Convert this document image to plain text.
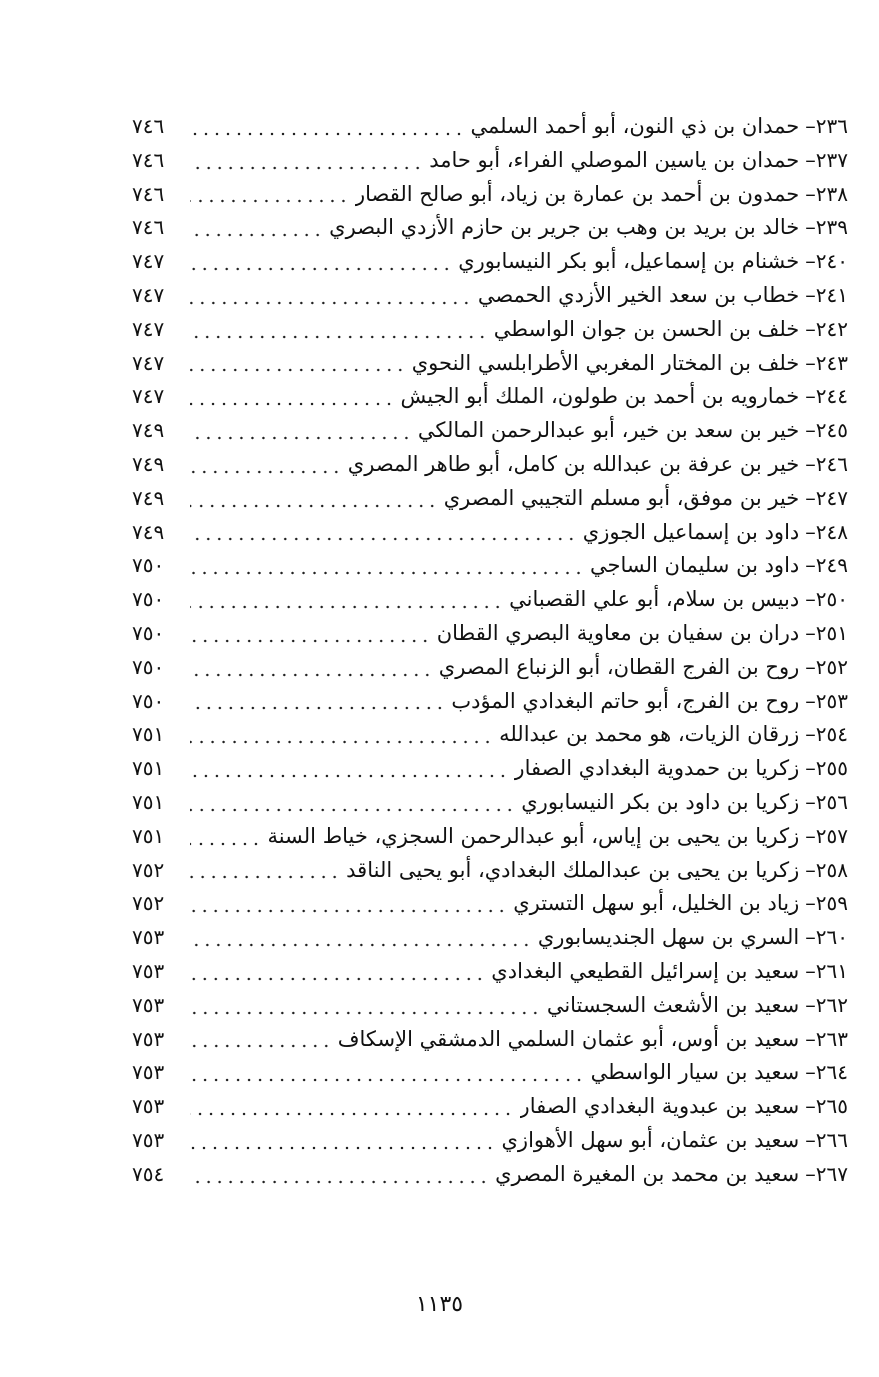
٢٣٦
–
حمدان بن ذي النون، أبو أحمد السلمي
٧٤٦
٢٣٧
–
حمدان بن ياسين الموصلي الفراء، أبو حامد
٧٤٦
٢٣٨
–
حمدون بن أحمد بن عمارة بن زياد، أبو صالح القصار
٧٤٦
٢٣٩
–
خالد بن بريد بن وهب بن جرير بن حازم الأزدي البصري
٧٤٦
٢٤٠
–
خشنام بن إسماعيل، أبو بكر النيسابوري
٧٤٧
٢٤١
–
خطاب بن سعد الخير الأزدي الحمصي
٧٤٧
٢٤٢
–
خلف بن الحسن بن جوان الواسطي
٧٤٧
٢٤٣
–
خلف بن المختار المغربي الأطرابلسي النحوي
٧٤٧
٢٤٤
–
خمارويه بن أحمد بن طولون، الملك أبو الجيش
٧٤٧
٢٤٥
–
خير بن سعد بن خير، أبو عبدالرحمن المالكي
٧٤٩
٢٤٦
–
خير بن عرفة بن عبدالله بن كامل، أبو طاهر المصري
٧٤٩
٢٤٧
–
خير بن موفق، أبو مسلم التجيبي المصري
٧٤٩
٢٤٨
–
داود بن إسماعيل الجوزي
٧٤٩
٢٤٩
–
داود بن سليمان الساجي
٧٥٠
٢٥٠
–
دبيس بن سلام، أبو علي القصباني
٧٥٠
٢٥١
–
دران بن سفيان بن معاوية البصري القطان
٧٥٠
٢٥٢
–
روح بن الفرج القطان، أبو الزنباع المصري
٧٥٠
٢٥٣
–
روح بن الفرج، أبو حاتم البغدادي المؤدب
٧٥٠
٢٥٤
–
زرقان الزيات، هو محمد بن عبدالله
٧٥١
٢٥٥
–
زكريا بن حمدوية البغدادي الصفار
٧٥١
٢٥٦
–
زكريا بن داود بن بكر النيسابوري
٧٥١
٢٥٧
–
زكريا بن يحيى بن إياس، أبو عبدالرحمن السجزي، خياط السنة
٧٥١
٢٥٨
–
زكريا بن يحيى بن عبدالملك البغدادي، أبو يحيى الناقد
٧٥٢
٢٥٩
–
زياد بن الخليل، أبو سهل التستري
٧٥٢
٢٦٠
–
السري بن سهل الجنديسابوري
٧٥٣
٢٦١
–
سعيد بن إسرائيل القطيعي البغدادي
٧٥٣
٢٦٢
–
سعيد بن الأشعث السجستاني
٧٥٣
٢٦٣
–
سعيد بن أوس، أبو عثمان السلمي الدمشقي الإسكاف
٧٥٣
٢٦٤
–
سعيد بن سيار الواسطي
٧٥٣
٢٦٥
–
سعيد بن عبدوية البغدادي الصفار
٧٥٣
٢٦٦
–
سعيد بن عثمان، أبو سهل الأهوازي
٧٥٣
٢٦٧
–
سعيد بن محمد بن المغيرة المصري
٧٥٤
١١٣٥
